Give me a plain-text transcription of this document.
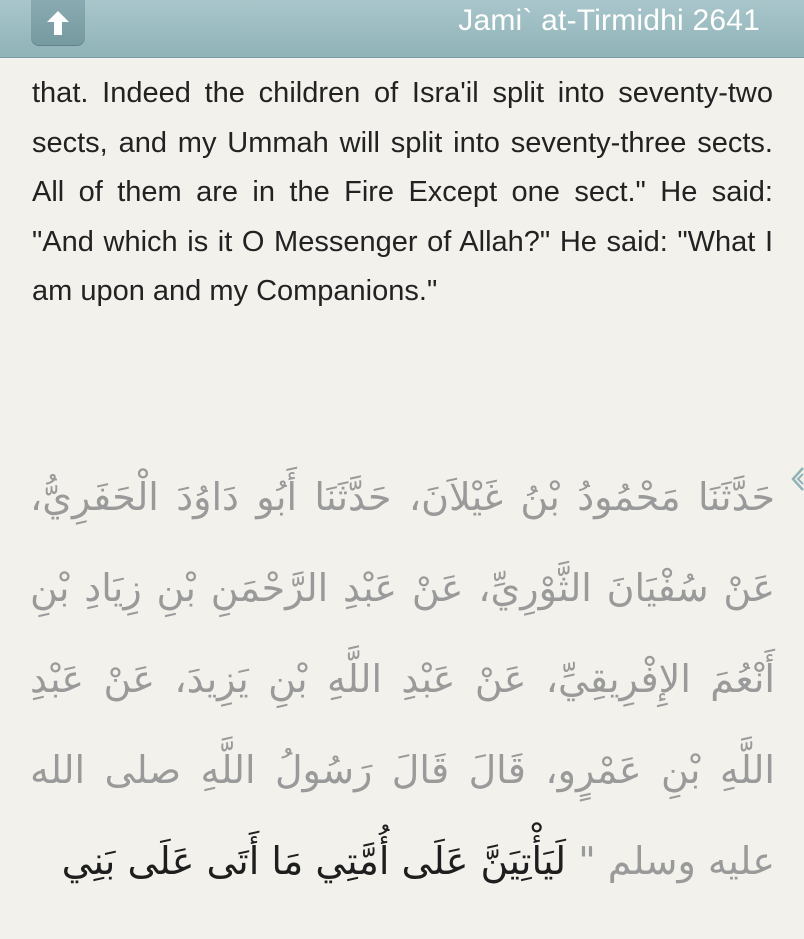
Jami` at-Tirmidhi 2641
that. Indeed the children of Isra'il split into seventy-two sects, and my Ummah will split into seventy-three sects. All of them are in the Fire Except one sect." He said: "And which is it O Messenger of Allah?" He said: "What I am upon and my Companions."
حَدَّثَنَا مَحْمُودُ بْنُ غَيْلاَنَ، حَدَّثَنَا أَبُو دَاوُدَ الْحَفَرِيُّ، عَنْ سُفْيَانَ الثَّوْرِيِّ، عَنْ عَبْدِ الرَّحْمَنِ بْنِ زِيَادِ بْنِ أَنْعُمَ الإِفْرِيقِيِّ، عَنْ عَبْدِ اللَّهِ بْنِ يَزِيدَ، عَنْ عَبْدِ اللَّهِ بْنِ عَمْرٍو، قَالَ قَالَ رَسُولُ اللَّهِ صلى الله عليه وسلم " لَيَأْتِيَنَّ عَلَى أُمَّتِي مَا أَتَى عَلَى بَنِي
